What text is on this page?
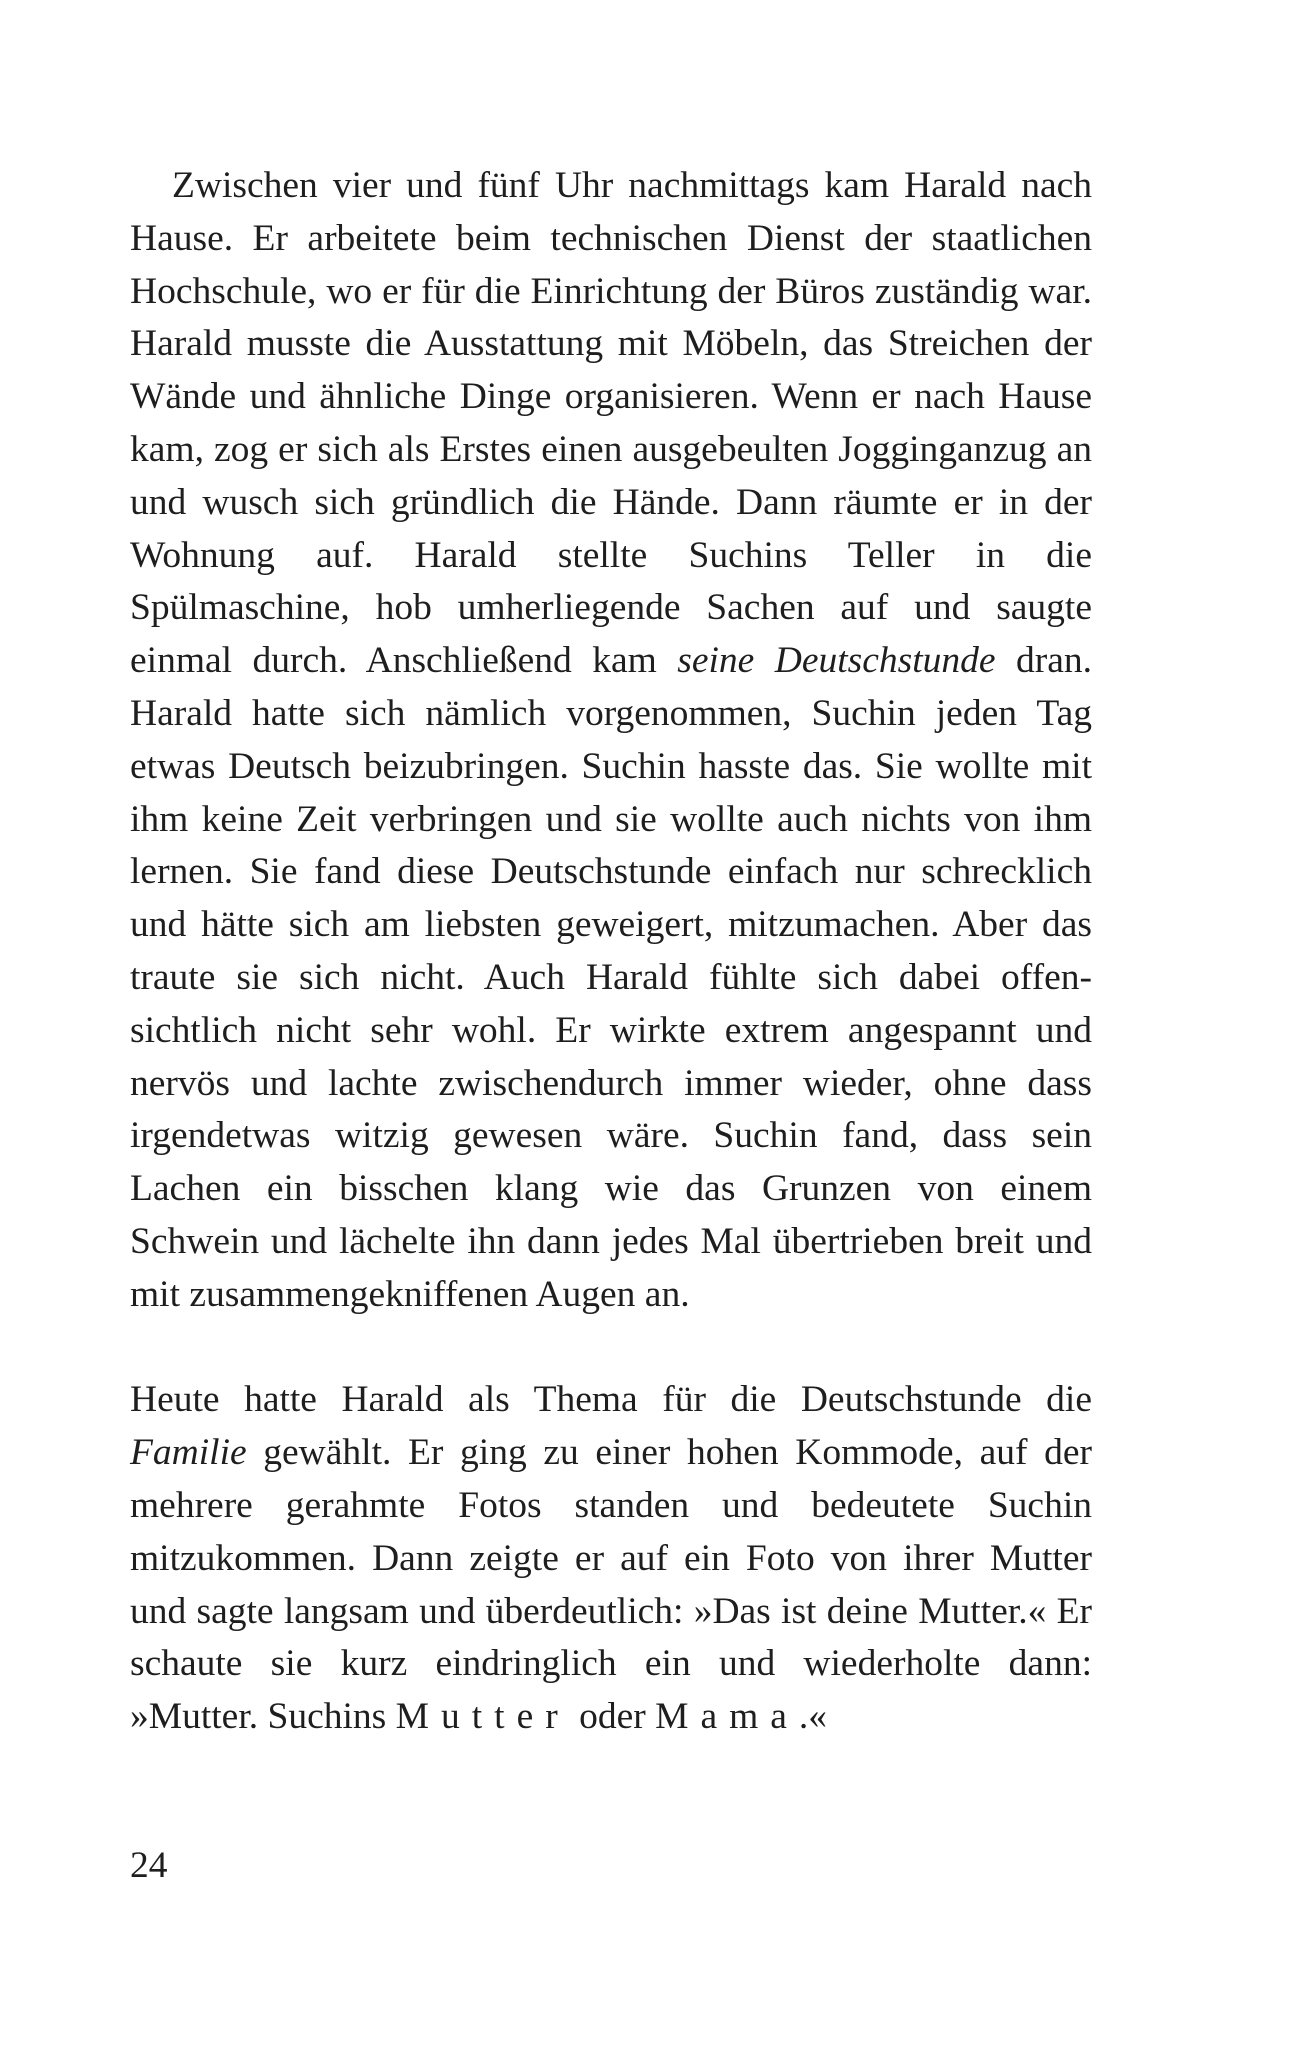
Zwischen vier und fünf Uhr nachmittags kam Harald nach Hause. Er arbeitete beim technischen Dienst der staatlichen Hochschule, wo er für die Einrichtung der Büros zuständig war. Harald musste die Ausstattung mit Möbeln, das Streichen der Wände und ähnliche Dinge organisieren. Wenn er nach Hause kam, zog er sich als Erstes einen ausgebeulten Jogginganzug an und wusch sich gründlich die Hände. Dann räumte er in der Wohnung auf. Harald stellte Suchins Teller in die Spülmaschine, hob umherliegende Sachen auf und saugte einmal durch. Anschließend kam seine Deutschstunde dran. Harald hatte sich nämlich vorgenommen, Suchin jeden Tag etwas Deutsch beizubringen. Suchin hasste das. Sie wollte mit ihm keine Zeit verbringen und sie wollte auch nichts von ihm lernen. Sie fand diese Deutschstunde einfach nur schrecklich und hätte sich am liebsten geweigert, mitzumachen. Aber das traute sie sich nicht. Auch Harald fühlte sich dabei offensichtlich nicht sehr wohl. Er wirkte extrem angespannt und nervös und lachte zwischendurch immer wieder, ohne dass irgendetwas witzig gewesen wäre. Suchin fand, dass sein Lachen ein bisschen klang wie das Grunzen von einem Schwein und lächelte ihn dann jedes Mal übertrieben breit und mit zusammengekniffenen Augen an.

Heute hatte Harald als Thema für die Deutschstunde die Familie gewählt. Er ging zu einer hohen Kommode, auf der mehrere gerahmte Fotos standen und bedeutete Suchin mitzukommen. Dann zeigte er auf ein Foto von ihrer Mutter und sagte langsam und überdeutlich: »Das ist deine Mutter.« Er schaute sie kurz eindringlich ein und wiederholte dann: »Mutter. Suchins Mutter oder Mama.«

24
